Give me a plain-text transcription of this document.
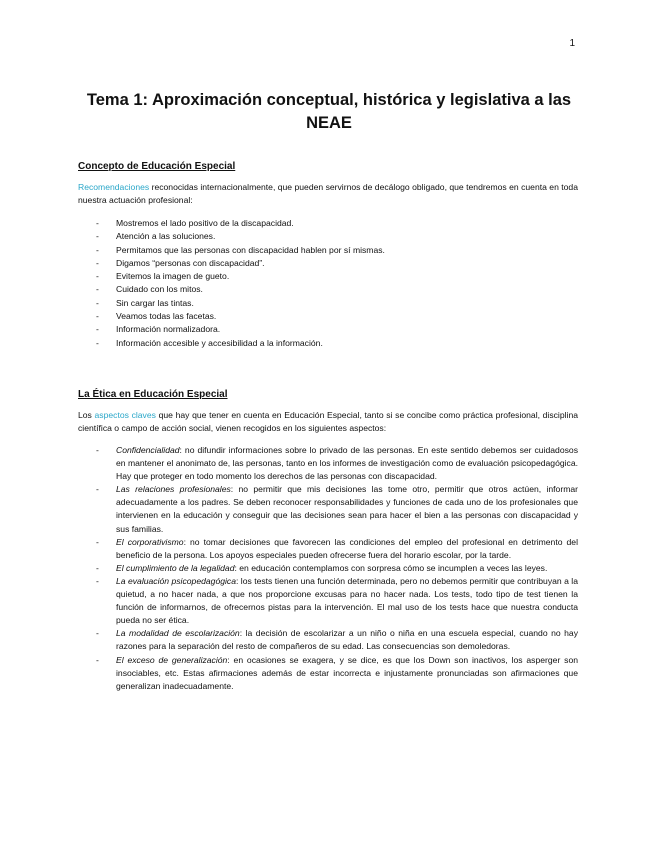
1
Tema 1: Aproximación conceptual, histórica y legislativa a las NEAE

Concepto de Educación Especial

Recomendaciones reconocidas internacionalmente, que pueden servirnos de decálogo obligado, que tendremos en cuenta en toda nuestra actuación profesional:

- Mostremos el lado positivo de la discapacidad.
- Atención a las soluciones.
- Permitamos que las personas con discapacidad hablen por sí mismas.
- Digamos “personas con discapacidad”.
- Evitemos la imagen de gueto.
- Cuidado con los mitos.
- Sin cargar las tintas.
- Veamos todas las facetas.
- Información normalizadora.
- Información accesible y accesibilidad a la información.

La Ética en Educación Especial

Los aspectos claves que hay que tener en cuenta en Educación Especial, tanto si se concibe como práctica profesional, disciplina científica o campo de acción social, vienen recogidos en los siguientes aspectos:

- Confidencialidad: no difundir informaciones sobre lo privado de las personas. En este sentido debemos ser cuidadosos en mantener el anonimato de, las personas, tanto en los informes de investigación como de evaluación psicopedagógica. Hay que proteger en todo momento los derechos de las personas con discapacidad.
- Las relaciones profesionales: no permitir que mis decisiones las tome otro, permitir que otros actúen, informar adecuadamente a los padres. Se deben reconocer responsabilidades y funciones de cada uno de los profesionales que intervienen en la educación y conseguir que las decisiones sean para hacer el bien a las personas con discapacidad y sus familias.
- El corporativismo: no tomar decisiones que favorecen las condiciones del empleo del profesional en detrimento del beneficio de la persona. Los apoyos especiales pueden ofrecerse fuera del horario escolar, por la tarde.
- El cumplimiento de la legalidad: en educación contemplamos con sorpresa cómo se incumplen a veces las leyes.
- La evaluación psicopedagógica: los tests tienen una función determinada, pero no debemos permitir que contribuyan a la quietud, a no hacer nada, a que nos proporcione excusas para no hacer nada. Los tests, todo tipo de test tienen la función de informarnos, de ofrecernos pistas para la intervención. El mal uso de los tests hace que nuestra conducta pueda no ser ética.
- La modalidad de escolarización: la decisión de escolarizar a un niño o niña en una escuela especial, cuando no hay razones para la separación del resto de compañeros de su edad. Las consecuencias son demoledoras.
- El exceso de generalización: en ocasiones se exagera, y se dice, es que los Down son inactivos, los asperger son insociables, etc. Estas afirmaciones además de estar incorrecta e injustamente pronunciadas son afirmaciones que generalizan inadecuadamente.
